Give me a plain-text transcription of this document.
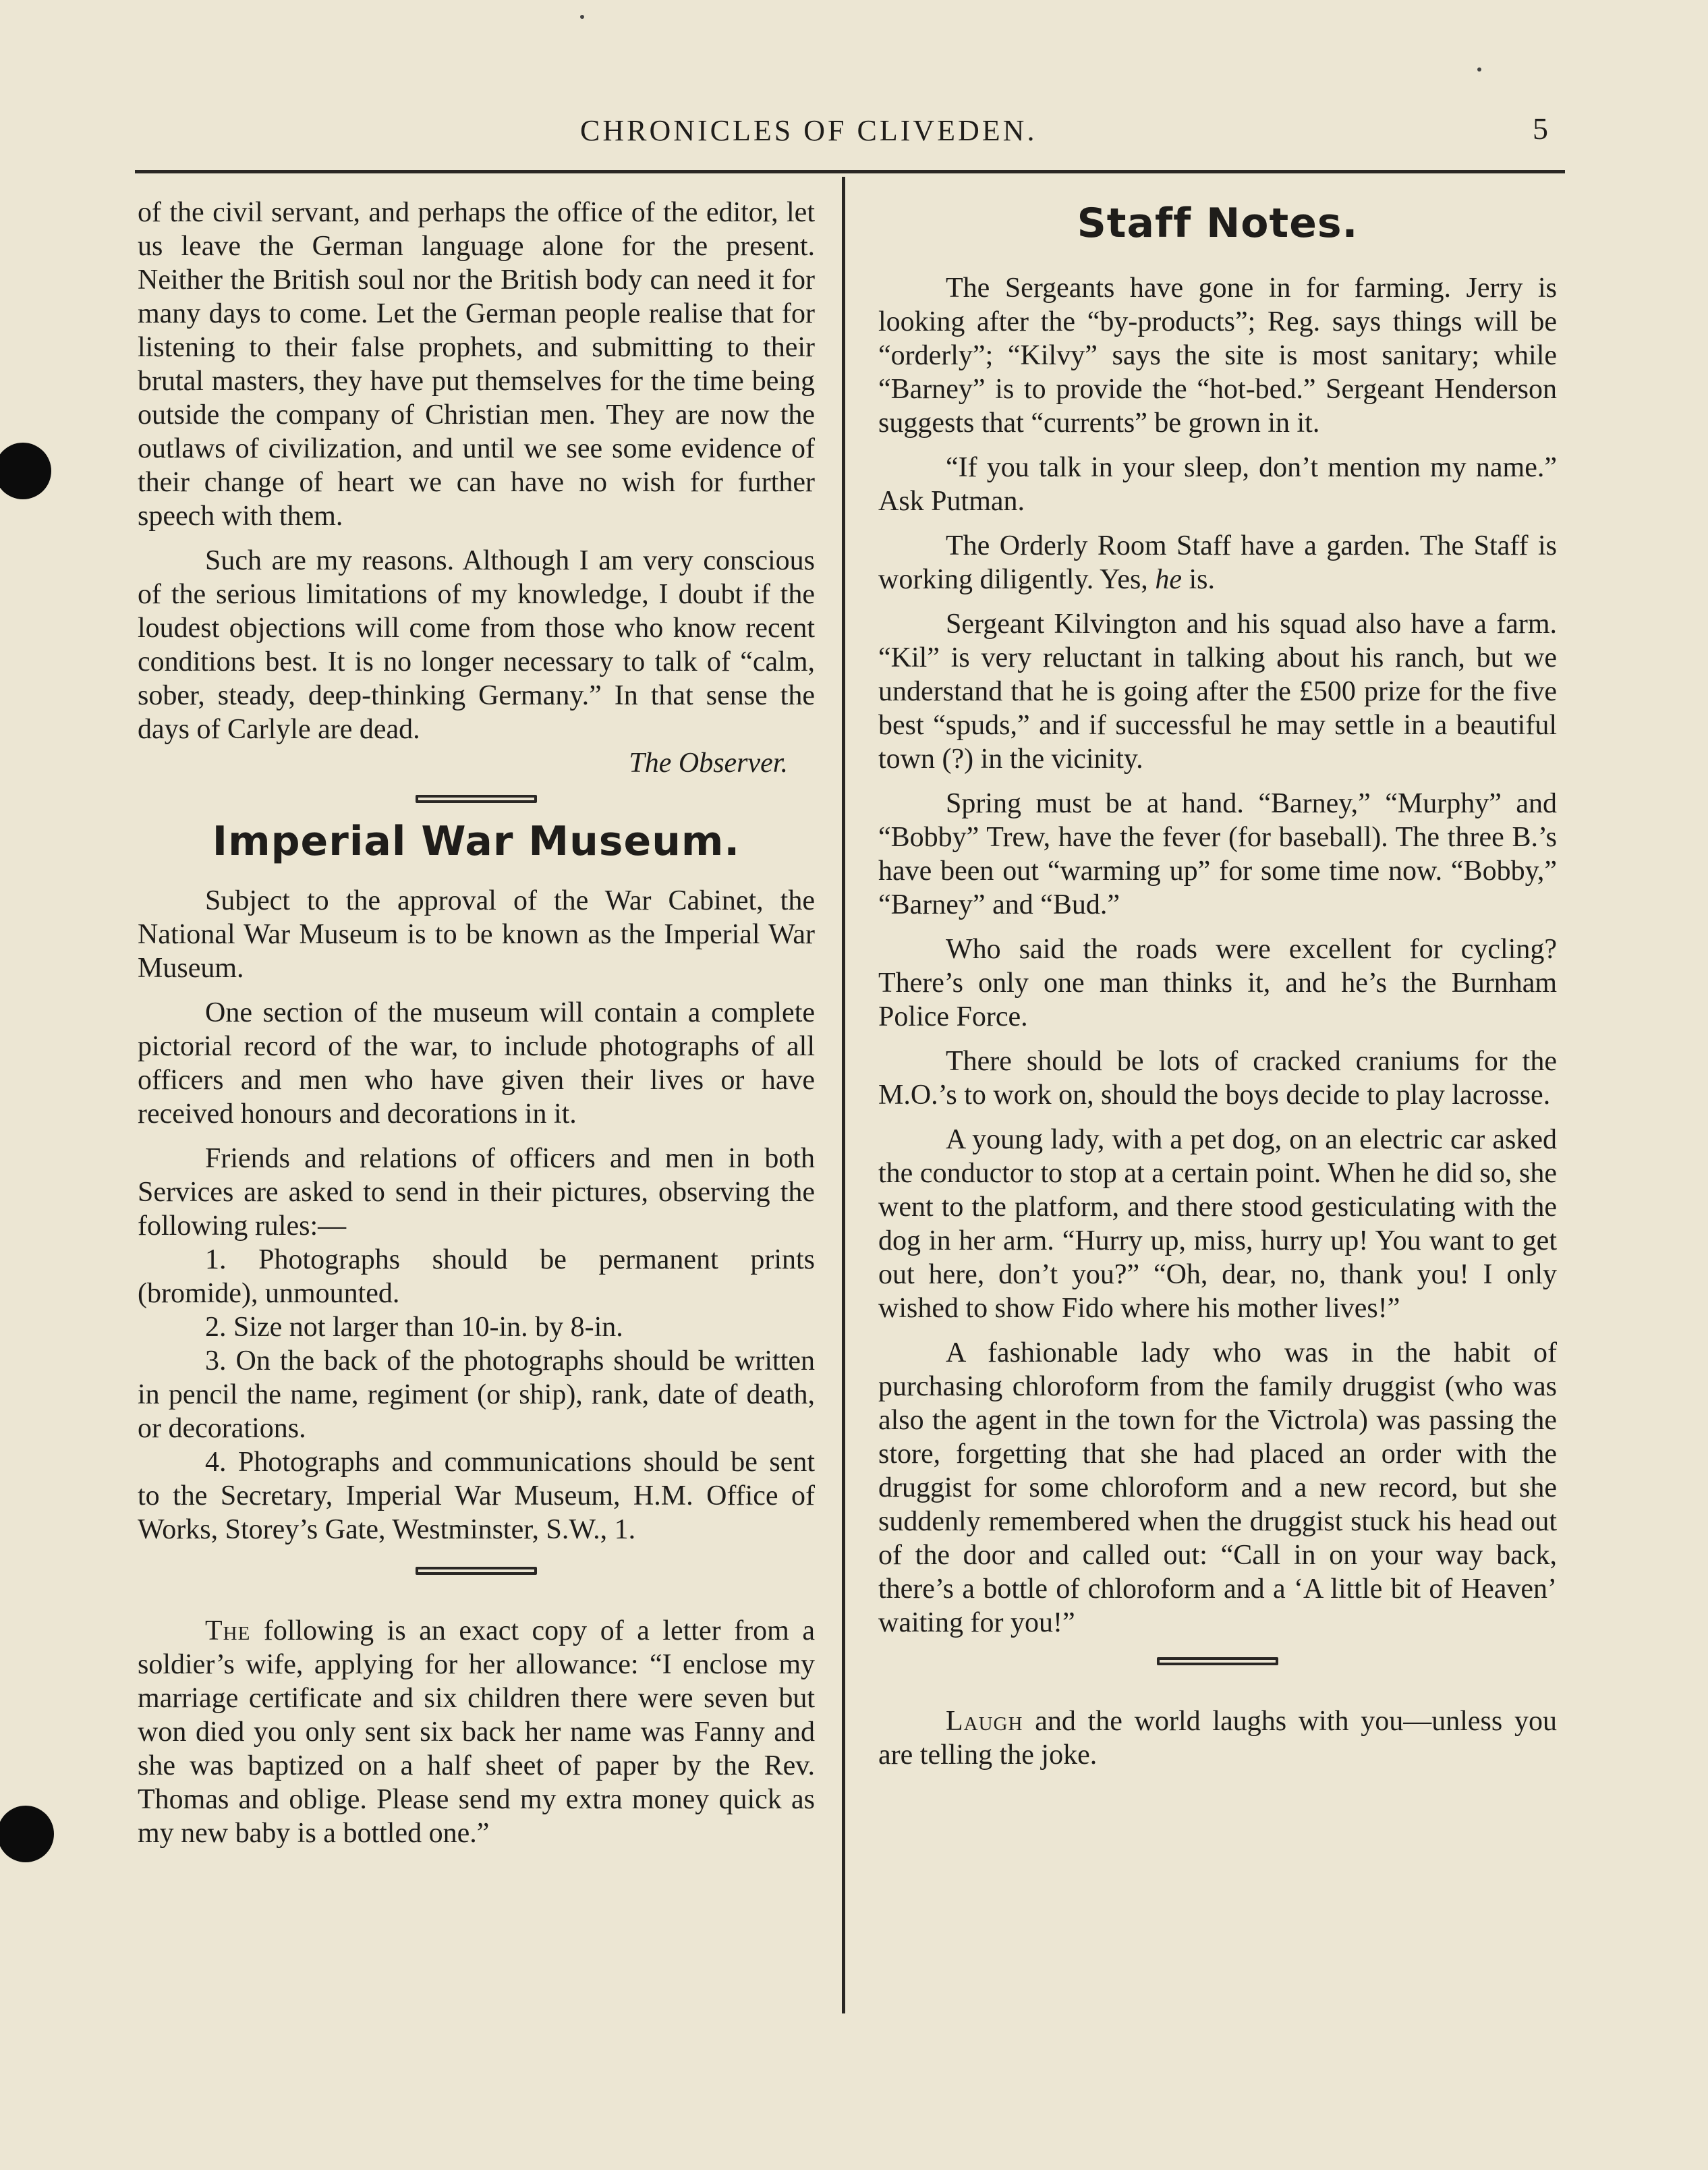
CHRONICLES OF CLIVEDEN.	5

of the civil servant, and perhaps the office of the editor, let us leave the German language alone for the present. Neither the British soul nor the British body can need it for many days to come. Let the German people realise that for listening to their false prophets, and submitting to their brutal masters, they have put themselves for the time being outside the company of Christian men. They are now the outlaws of civilization, and until we see some evidence of their change of heart we can have no wish for further speech with them.

Such are my reasons. Although I am very conscious of the serious limitations of my knowledge, I doubt if the loudest objections will come from those who know recent conditions best. It is no longer necessary to talk of “calm, sober, steady, deep-thinking Germany.” In that sense the days of Carlyle are dead.

The Observer.

Imperial War Museum.

Subject to the approval of the War Cabinet, the National War Museum is to be known as the Imperial War Museum.

One section of the museum will contain a complete pictorial record of the war, to include photographs of all officers and men who have given their lives or have received honours and decorations in it.

Friends and relations of officers and men in both Services are asked to send in their pictures, observing the following rules:—

1. Photographs should be permanent prints (bromide), unmounted.

2. Size not larger than 10-in. by 8-in.

3. On the back of the photographs should be written in pencil the name, regiment (or ship), rank, date of death, or decorations.

4. Photographs and communications should be sent to the Secretary, Imperial War Museum, H.M. Office of Works, Storey’s Gate, Westminster, S.W., 1.

The following is an exact copy of a letter from a soldier’s wife, applying for her allowance: “I enclose my marriage certificate and six children there were seven but won died you only sent six back her name was Fanny and she was baptized on a half sheet of paper by the Rev. Thomas and oblige. Please send my extra money quick as my new baby is a bottled one.”

Staff Notes.

The Sergeants have gone in for farming. Jerry is looking after the “by-products”; Reg. says things will be “orderly”; “Kilvy” says the site is most sanitary; while “Barney” is to provide the “hot-bed.” Sergeant Henderson suggests that “currents” be grown in it.

“If you talk in your sleep, don’t mention my name.” Ask Putman.

The Orderly Room Staff have a garden. The Staff is working diligently. Yes, he is.

Sergeant Kilvington and his squad also have a farm. “Kil” is very reluctant in talking about his ranch, but we understand that he is going after the £500 prize for the five best “spuds,” and if successful he may settle in a beautiful town (?) in the vicinity.

Spring must be at hand. “Barney,” “Murphy” and “Bobby” Trew, have the fever (for baseball). The three B.’s have been out “warming up” for some time now. “Bobby,” “Barney” and “Bud.”

Who said the roads were excellent for cycling? There’s only one man thinks it, and he’s the Burnham Police Force.

There should be lots of cracked craniums for the M.O.’s to work on, should the boys decide to play lacrosse.

A young lady, with a pet dog, on an electric car asked the conductor to stop at a certain point. When he did so, she went to the platform, and there stood gesticulating with the dog in her arm. “Hurry up, miss, hurry up! You want to get out here, don’t you?” “Oh, dear, no, thank you! I only wished to show Fido where his mother lives!”

A fashionable lady who was in the habit of purchasing chloroform from the family druggist (who was also the agent in the town for the Victrola) was passing the store, forgetting that she had placed an order with the druggist for some chloroform and a new record, but she suddenly remembered when the druggist stuck his head out of the door and called out: “Call in on your way back, there’s a bottle of chloroform and a ‘A little bit of Heaven’ waiting for you!”

Laugh and the world laughs with you—unless you are telling the joke.
